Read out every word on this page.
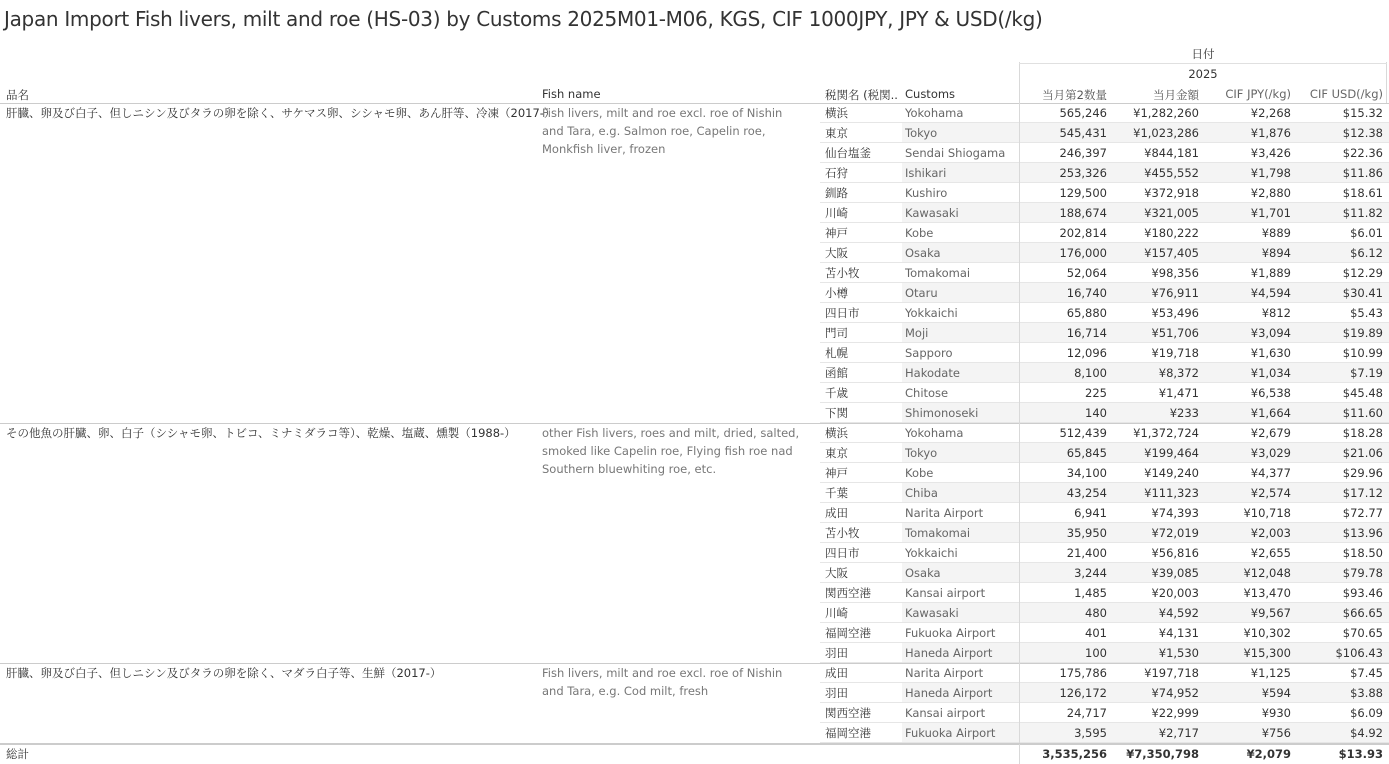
Japan Import Fish livers, milt and roe (HS-03) by Customs 2025M01-M06, KGS, CIF 1000JPY, JPY & USD(/kg)
日付
2025
品名	Fish name	税関名 (税関.. Customs	当月第2数量	当月金額	CIF JPY(/kg)	CIF USD(/kg)
肝臓、卵及び白子、但しニシン及びタラの卵を除く、サケマス卵、シシャモ卵、あん肝等、冷凍（2017-）
Fish livers, milt and roe excl. roe of Nishin and Tara, e.g. Salmon roe, Capelin roe, Monkfish liver, frozen
横浜	Yokohama	565,246	¥1,282,260	¥2,268	$15.32
東京	Tokyo	545,431	¥1,023,286	¥1,876	$12.38
仙台塩釜	Sendai Shiogama	246,397	¥844,181	¥3,426	$22.36
石狩	Ishikari	253,326	¥455,552	¥1,798	$11.86
釧路	Kushiro	129,500	¥372,918	¥2,880	$18.61
川崎	Kawasaki	188,674	¥321,005	¥1,701	$11.82
神戸	Kobe	202,814	¥180,222	¥889	$6.01
大阪	Osaka	176,000	¥157,405	¥894	$6.12
苫小牧	Tomakomai	52,064	¥98,356	¥1,889	$12.29
小樽	Otaru	16,740	¥76,911	¥4,594	$30.41
四日市	Yokkaichi	65,880	¥53,496	¥812	$5.43
門司	Moji	16,714	¥51,706	¥3,094	$19.89
札幌	Sapporo	12,096	¥19,718	¥1,630	$10.99
函館	Hakodate	8,100	¥8,372	¥1,034	$7.19
千歳	Chitose	225	¥1,471	¥6,538	$45.48
下関	Shimonoseki	140	¥233	¥1,664	$11.60
その他魚の肝臓、卵、白子（シシャモ卵、トビコ、ミナミダラコ等）、乾燥、塩蔵、燻製（1988-）	other Fish livers, roes and milt, dried, salted, smoked like Capelin roe, Flying fish roe nad Southern bluewhiting roe, etc.
横浜	Yokohama	512,439	¥1,372,724	¥2,679	$18.28
東京	Tokyo	65,845	¥199,464	¥3,029	$21.06
神戸	Kobe	34,100	¥149,240	¥4,377	$29.96
千葉	Chiba	43,254	¥111,323	¥2,574	$17.12
成田	Narita Airport	6,941	¥74,393	¥10,718	$72.77
苫小牧	Tomakomai	35,950	¥72,019	¥2,003	$13.96
四日市	Yokkaichi	21,400	¥56,816	¥2,655	$18.50
大阪	Osaka	3,244	¥39,085	¥12,048	$79.78
関西空港	Kansai airport	1,485	¥20,003	¥13,470	$93.46
川崎	Kawasaki	480	¥4,592	¥9,567	$66.65
福岡空港	Fukuoka Airport	401	¥4,131	¥10,302	$70.65
羽田	Haneda Airport	100	¥1,530	¥15,300	$106.43
肝臓、卵及び白子、但しニシン及びタラの卵を除く、マダラ白子等、生鮮（2017-）	Fish livers, milt and roe excl. roe of Nishin and Tara, e.g. Cod milt, fresh
成田	Narita Airport	175,786	¥197,718	¥1,125	$7.45
羽田	Haneda Airport	126,172	¥74,952	¥594	$3.88
関西空港	Kansai airport	24,717	¥22,999	¥930	$6.09
福岡空港	Fukuoka Airport	3,595	¥2,717	¥756	$4.92
総計	3,535,256	¥7,350,798	¥2,079	$13.93
